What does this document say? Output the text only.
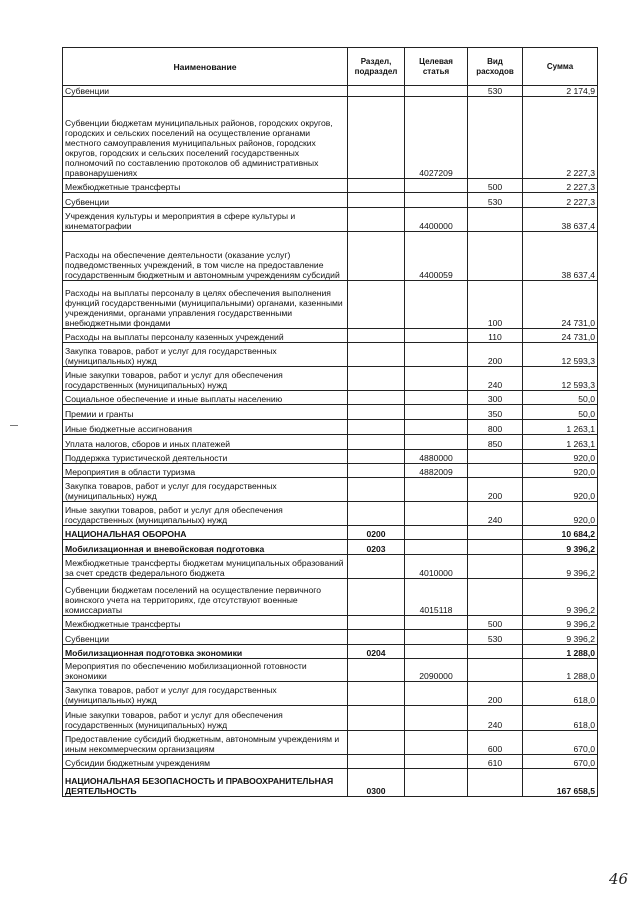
Наименование	Раздел, подраздел	Целевая статья	Вид расходов	Сумма
Субвенции			530	2 174,9
Субвенции бюджетам муниципальных районов, городских округов, городских и сельских поселений на осуществление органами местного самоуправления муниципальных районов, городских округов, городских и сельских поселений государственных полномочий по составлению протоколов об административных правонарушениях		4027209		2 227,3
Межбюджетные трансферты			500	2 227,3
Субвенции			530	2 227,3
Учреждения культуры и мероприятия в сфере культуры и кинематографии		4400000		38 637,4
Расходы на обеспечение деятельности (оказание услуг) подведомственных учреждений, в том числе на предоставление государственным бюджетным и автономным учреждениям субсидий		4400059		38 637,4
Расходы на выплаты персоналу в целях обеспечения выполнения функций государственными (муниципальными) органами, казенными учреждениями, органами управления государственными внебюджетными фондами			100	24 731,0
Расходы на выплаты персоналу казенных учреждений			110	24 731,0
Закупка товаров, работ и услуг для государственных (муниципальных) нужд			200	12 593,3
Иные закупки товаров, работ и услуг для обеспечения государственных (муниципальных) нужд			240	12 593,3
Социальное обеспечение и иные выплаты населению			300	50,0
Премии и гранты			350	50,0
Иные бюджетные ассигнования			800	1 263,1
Уплата налогов, сборов и иных платежей			850	1 263,1
Поддержка туристической деятельности		4880000		920,0
Мероприятия в области туризма		4882009		920,0
Закупка товаров, работ и услуг для государственных (муниципальных) нужд			200	920,0
Иные закупки товаров, работ и услуг для обеспечения государственных (муниципальных) нужд			240	920,0
НАЦИОНАЛЬНАЯ ОБОРОНА	0200			10 684,2
Мобилизационная и вневойсковая подготовка	0203			9 396,2
Межбюджетные трансферты бюджетам муниципальных образований за счет средств федерального бюджета		4010000		9 396,2
Субвенции бюджетам поселений на осуществление первичного воинского учета на территориях, где отсутствуют военные комиссариаты		4015118		9 396,2
Межбюджетные трансферты			500	9 396,2
Субвенции			530	9 396,2
Мобилизационная подготовка экономики	0204			1 288,0
Мероприятия по обеспечению мобилизационной готовности экономики		2090000		1 288,0
Закупка товаров, работ и услуг для государственных (муниципальных) нужд			200	618,0
Иные закупки товаров, работ и услуг для обеспечения государственных (муниципальных) нужд			240	618,0
Предоставление субсидий бюджетным, автономным учреждениям и иным некоммерческим организациям			600	670,0
Субсидии бюджетным учреждениям			610	670,0
НАЦИОНАЛЬНАЯ БЕЗОПАСНОСТЬ И ПРАВООХРАНИТЕЛЬНАЯ ДЕЯТЕЛЬНОСТЬ	0300			167 658,5
46
